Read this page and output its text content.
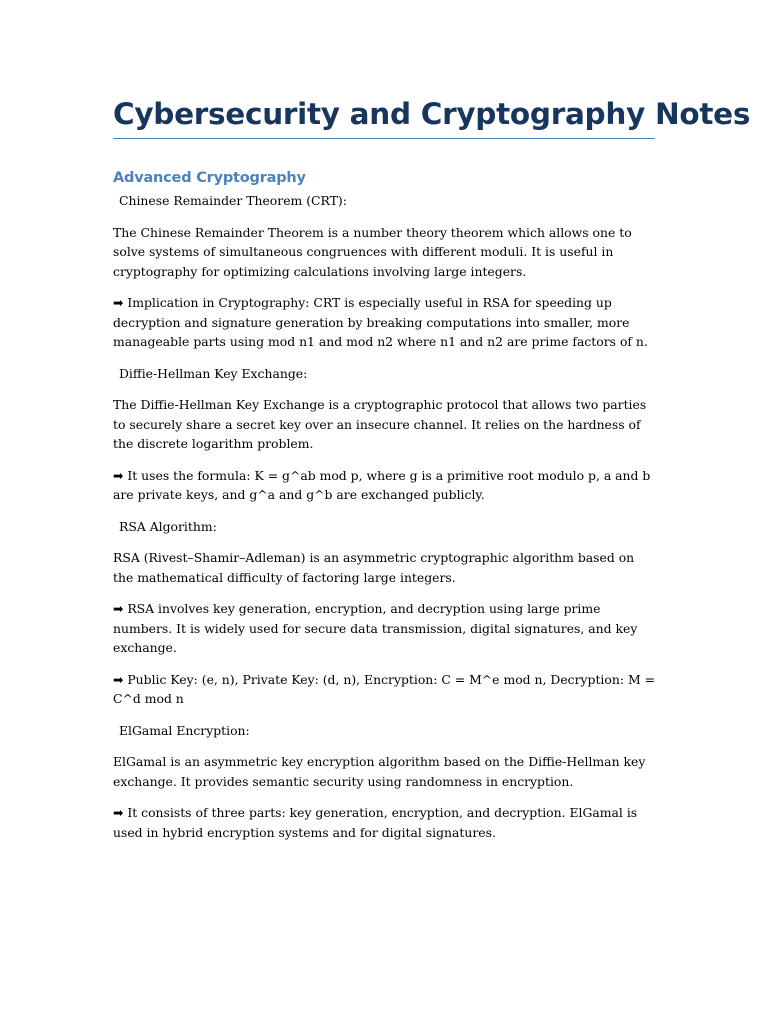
Cybersecurity and Cryptography Notes
Advanced Cryptography

Chinese Remainder Theorem (CRT):

The Chinese Remainder Theorem is a number theory theorem which allows one to solve systems of simultaneous congruences with different moduli. It is useful in cryptography for optimizing calculations involving large integers.

➡ Implication in Cryptography: CRT is especially useful in RSA for speeding up decryption and signature generation by breaking computations into smaller, more manageable parts using mod n1 and mod n2 where n1 and n2 are prime factors of n.

Diffie-Hellman Key Exchange:

The Diffie-Hellman Key Exchange is a cryptographic protocol that allows two parties to securely share a secret key over an insecure channel. It relies on the hardness of the discrete logarithm problem.

➡ It uses the formula: K = g^ab mod p, where g is a primitive root modulo p, a and b are private keys, and g^a and g^b are exchanged publicly.

RSA Algorithm:

RSA (Rivest–Shamir–Adleman) is an asymmetric cryptographic algorithm based on the mathematical difficulty of factoring large integers.

➡ RSA involves key generation, encryption, and decryption using large prime numbers. It is widely used for secure data transmission, digital signatures, and key exchange.

➡ Public Key: (e, n), Private Key: (d, n), Encryption: C = M^e mod n, Decryption: M = C^d mod n

ElGamal Encryption:

ElGamal is an asymmetric key encryption algorithm based on the Diffie-Hellman key exchange. It provides semantic security using randomness in encryption.

➡ It consists of three parts: key generation, encryption, and decryption. ElGamal is used in hybrid encryption systems and for digital signatures.
